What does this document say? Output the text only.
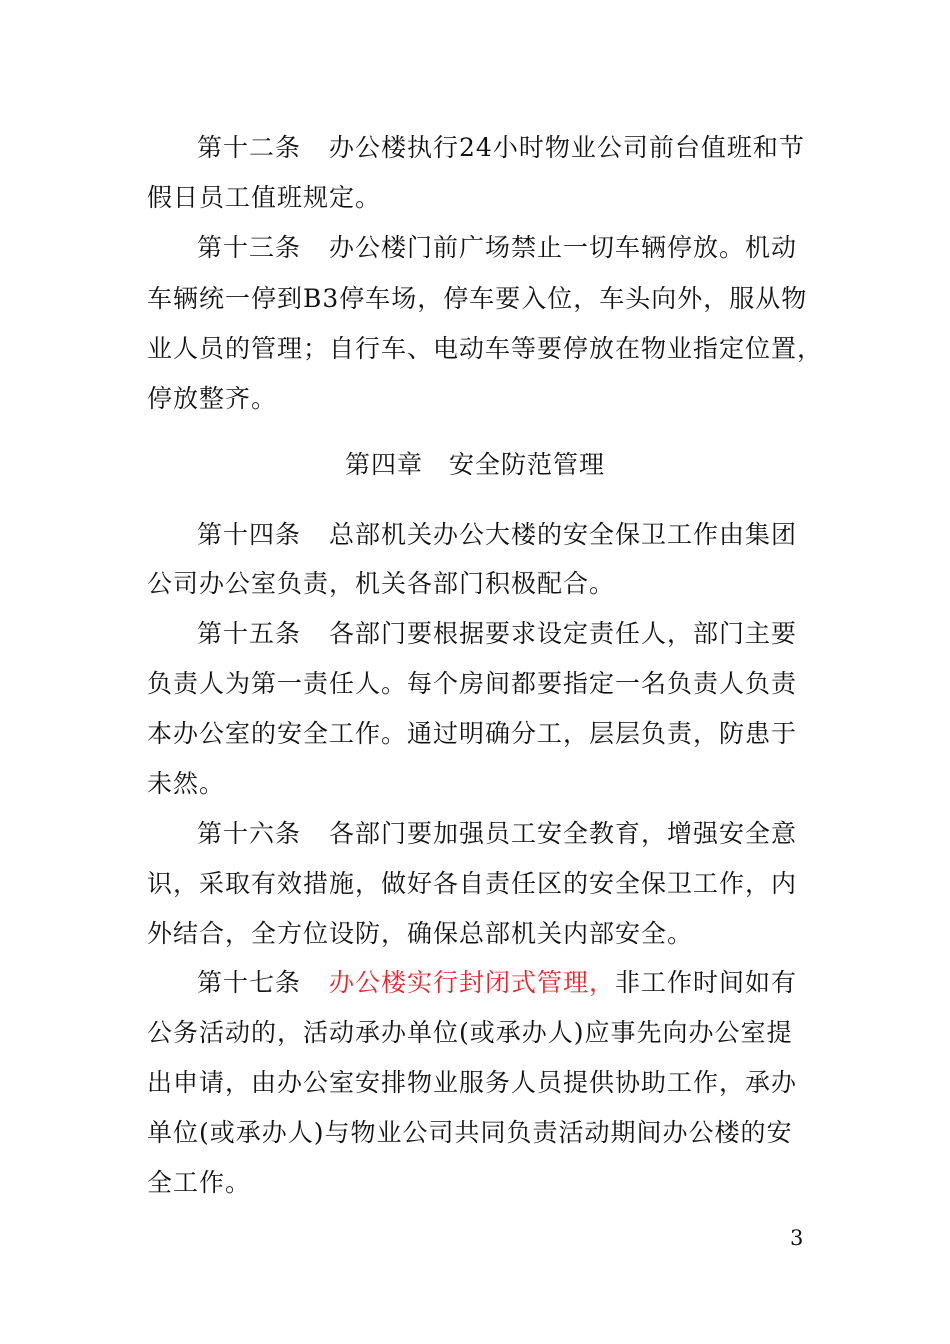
第十二条 办公楼执行24小时物业公司前台值班和节
假日员工值班规定。
第十三条 办公楼门前广场禁止一切车辆停放。机动
车辆统一停到B3停车场，停车要入位，车头向外，服从物
业人员的管理；自行车、电动车等要停放在物业指定位置，
停放整齐。
第四章 安全防范管理
第十四条 总部机关办公大楼的安全保卫工作由集团
公司办公室负责，机关各部门积极配合。
第十五条 各部门要根据要求设定责任人，部门主要
负责人为第一责任人。每个房间都要指定一名负责人负责
本办公室的安全工作。通过明确分工，层层负责，防患于
未然。
第十六条 各部门要加强员工安全教育，增强安全意
识，采取有效措施，做好各自责任区的安全保卫工作，内
外结合，全方位设防，确保总部机关内部安全。
第十七条 办公楼实行封闭式管理，非工作时间如有
公务活动的，活动承办单位(或承办人)应事先向办公室提
出申请，由办公室安排物业服务人员提供协助工作，承办
单位(或承办人)与物业公司共同负责活动期间办公楼的安
全工作。
3
